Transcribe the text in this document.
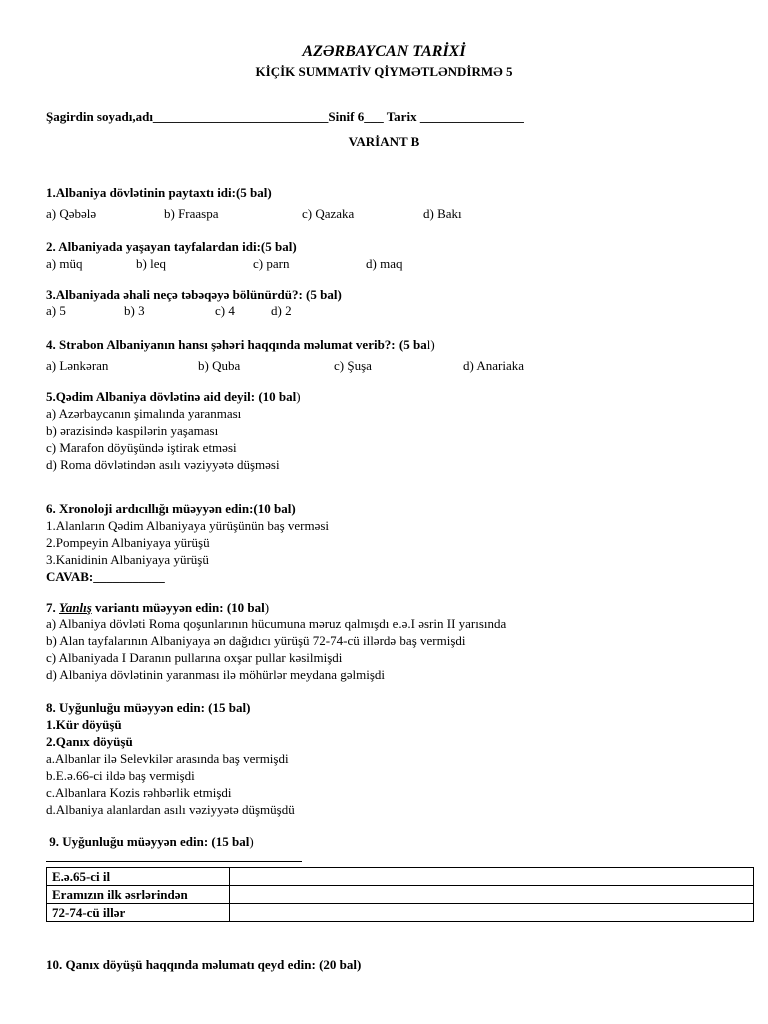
AZƏRBAYCAN TARİXİ
KİÇİK SUMMATİV QİYMƏTLƏNDİRMƏ 5
Şagirdin soyadı,adı___________________________Sinif 6___ Tarix ________________
VARİANT B
1.Albaniya dövlətinin paytaxtı idi:(5 bal)
a) Qəbələ	b) Fraaspa	c) Qazaka	d) Bakı
2. Albaniyada yaşayan tayfalardan idi:(5 bal)
a) müq	b) leq	c) parn	d) maq
3.Albaniyada əhali neçə təbəqəyə bölünürdü?: (5 bal)
a) 5	b) 3	c) 4	d) 2
4. Strabon Albaniyanın hansı şəhəri haqqında məlumat verib?: (5 bal)
a) Lənkəran	b) Quba	c) Şuşa	d) Anariaka
5.Qədim Albaniya dövlətinə aid deyil: (10 bal)
a) Azərbaycanın şimalında yaranması
b) ərazisində kaspilərin yaşaması
c) Marafon döyüşündə iştirak etməsi
d) Roma dövlətindən asılı vəziyyətə düşməsi
6. Xronoloji ardıcıllığı müəyyən edin:(10 bal)
1.Alanların Qədim Albaniyaya yürüşünün baş verməsi
2.Pompeyin Albaniyaya yürüşü
3.Kanidinin Albaniyaya yürüşü
CAVAB:___________
7. Yanlış variantı müəyyən edin: (10 bal)
a) Albaniya dövləti Roma qoşunlarının hücumuna məruz qalmışdı e.ə.I əsrin II yarısında
b) Alan tayfalarının Albaniyaya ən dağıdıcı yürüşü 72-74-cü illərdə baş vermişdi
c) Albaniyada I Daranın pullarına oxşar pullar kəsilmişdi
d) Albaniya dövlətinin yaranması ilə möhürlər meydana gəlmişdi
8. Uyğunluğu müəyyən edin: (15 bal)
1.Kür döyüşü
2.Qanıx döyüşü
a.Albanlar ilə Selevkilər arasında baş vermişdi
b.E.ə.66-ci ildə baş vermişdi
c.Albanlara Kozis rəhbərlik etmişdi
d.Albaniya alanlardan asılı vəziyyətə düşmüşdü
9. Uyğunluğu müəyyən edin: (15 bal)
E.ə.65-ci il	
Eramızın ilk əsrlərindən	
72-74-cü illər	
10. Qanıx döyüşü haqqında məlumatı qeyd edin: (20 bal)
